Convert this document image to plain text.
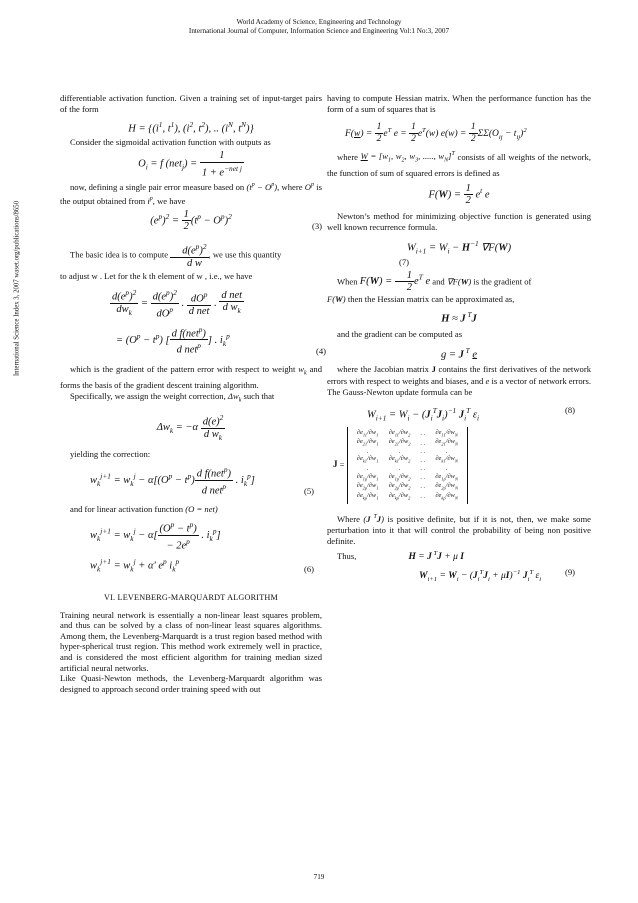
World Academy of Science, Engineering and Technology
International Journal of Computer, Information Science and Engineering Vol:1 No:3, 2007
International Science Index 3, 2007 waset.org/publications/8650

differentiable activation function. Given a training set of input-target pairs of the form

$H = \{(i^1$, $t^1$), ($i^2$, $t^2$), .. ($i^N$, $t^N$)}

Consider the sigmoidal activation function with outputs as

$O_i = f$ $(net_j) = \frac{1}{1 + e^{-net j}}$

now, defining a single pair error measure based on $(t^p - O^p)$, where $O^p$ is the output obtained from $i^p$, we have

$(e^p)^2 = \frac{1}{2} (t^p - O^p)^2$
(3)

The basic idea is to compute $\frac{d(e^p)^2}{\text{d w}}$ , we use this quantity

to adjust w . Let for the k th element of w , i.e., we have

$\frac{d(e^p)^2}{dw_k} = \frac{d(e^p)^2}{dO^p}$ . $\frac{dO^p}{\text{d net}}$ . $\frac{\text{d net}}{d w_k}$
= $(O^p - t^p)$ [ $\frac{d f(net^p)}{d net^p}$ ] . $i_k^p$
(4)

which is the gradient of the pattern error with respect to weight $w_k$ and forms the basis of the gradient descent training algorithm.

Specifically, we assign the weight correction, $\Delta w_k$ such that

$\Delta w_k = -\alpha \frac{d(e)^2}{d w_k}$

yielding the correction:

$w_k^{j+1} = w_k^j - \alpha[(O^p - t^p) \frac{d f(net^p)}{d net^p}$ . $i_k^p$]
(5)

and for linear activation function (O = net)

$w_k^{j+1} = w_k^j - \alpha[ \frac{(O^p - t^p)}{- 2e^p}$ . $i_k^p$]
$w_k^{j+1} = w_k^j + \alpha'$ $e^p$ $i_k^p$
(6)
VI. LEVENBERG-MARQUARDT ALGORITHM

Training neural network is essentially a non-linear least squares problem, and thus can be solved by a class of non-linear least squares algorithms. Among them, the Levenberg-Marquardt is a trust region based method with hyper-spherical trust region. This method work extremely well in practice, and is considered the most efficient algorithm for training median sized artificial neural networks.

Like Quasi-Newton methods, the Levenberg-Marquardt algorithm was designed to approach second order training speed with out

having to compute Hessian matrix. When the performance function has the form of a sum of squares that is

$F(w) = \frac{1}{2} e^T$ $e = \frac{1}{2} e^T(w) e(w) = \frac{1}{2} \Sigma\Sigma(O_{ij} - t_{ij})^2$

where $W = [w_1$, $w_2$, $w_3$, ....., $w_N]^T$ consists of all weights of the network, the function of sum of squared errors is defined as

$F(W) = \frac{1}{2} e^t$ e

Newton’s method for minimizing objective function is generated using well known recurrence formula.

$W_{i+1} = W_i - H^{-1}$ ∇F(W)
(7)

When $F(W) = \frac{1}{2} e^T$ e and ∇F(W) is the gradient of

F(W) then the Hessian matrix can be approximated as,

H ≈ J $^T$J

and the gradient can be computed as

g = J $^T$ e

where the Jacobian matrix J contains the first derivatives of the network errors with respect to weights and biases, and e is a vector of network errors. The Gauss-Newton update formula can be

$W_{i+1} = W_i - (J_i^TJ_i)^{-1}$ $J_i^T$ $\varepsilon_i$
(8)
J =
$\partial e_{11}/\partial w_1$	$\partial e_{11}/\partial w_2$	. .	$\partial e_{11}/\partial w_N$
$\partial e_{21}/\partial w_1$	$\partial e_{21}/\partial w_2$	. .	$\partial e_{21}/\partial w_N$
.	.	. .	.
$\partial e_{k1}/\partial w_1$	$\partial e_{k1}/\partial w_2$	. .	$\partial e_{k1}/\partial w_N$
.	.	. .	.
$\partial e_{1p}/\partial w_1$	$\partial e_{1p}/\partial w_2$	. .	$\partial e_{1p}/\partial w_N$
$\partial e_{2p}/\partial w_1$	$\partial e_{2p}/\partial w_2$	. .	$\partial e_{2p}/\partial w_N$
$\partial e_{kp}/\partial w_1$	$\partial e_{kp}/\partial w_2$	. .	$\partial e_{kp}/\partial w_N$

Where (J $^T$J) is positive definite, but if it is not, then, we make some perturbation into it that will control the probability of being non positive definite.

Thus,	H = J $^T$J + μ I

$W_{i+1} = W_i - (J_i^TJ_i + \mu I)^{-1}$ $J_i^T$ $\varepsilon_i$
(9)
719
